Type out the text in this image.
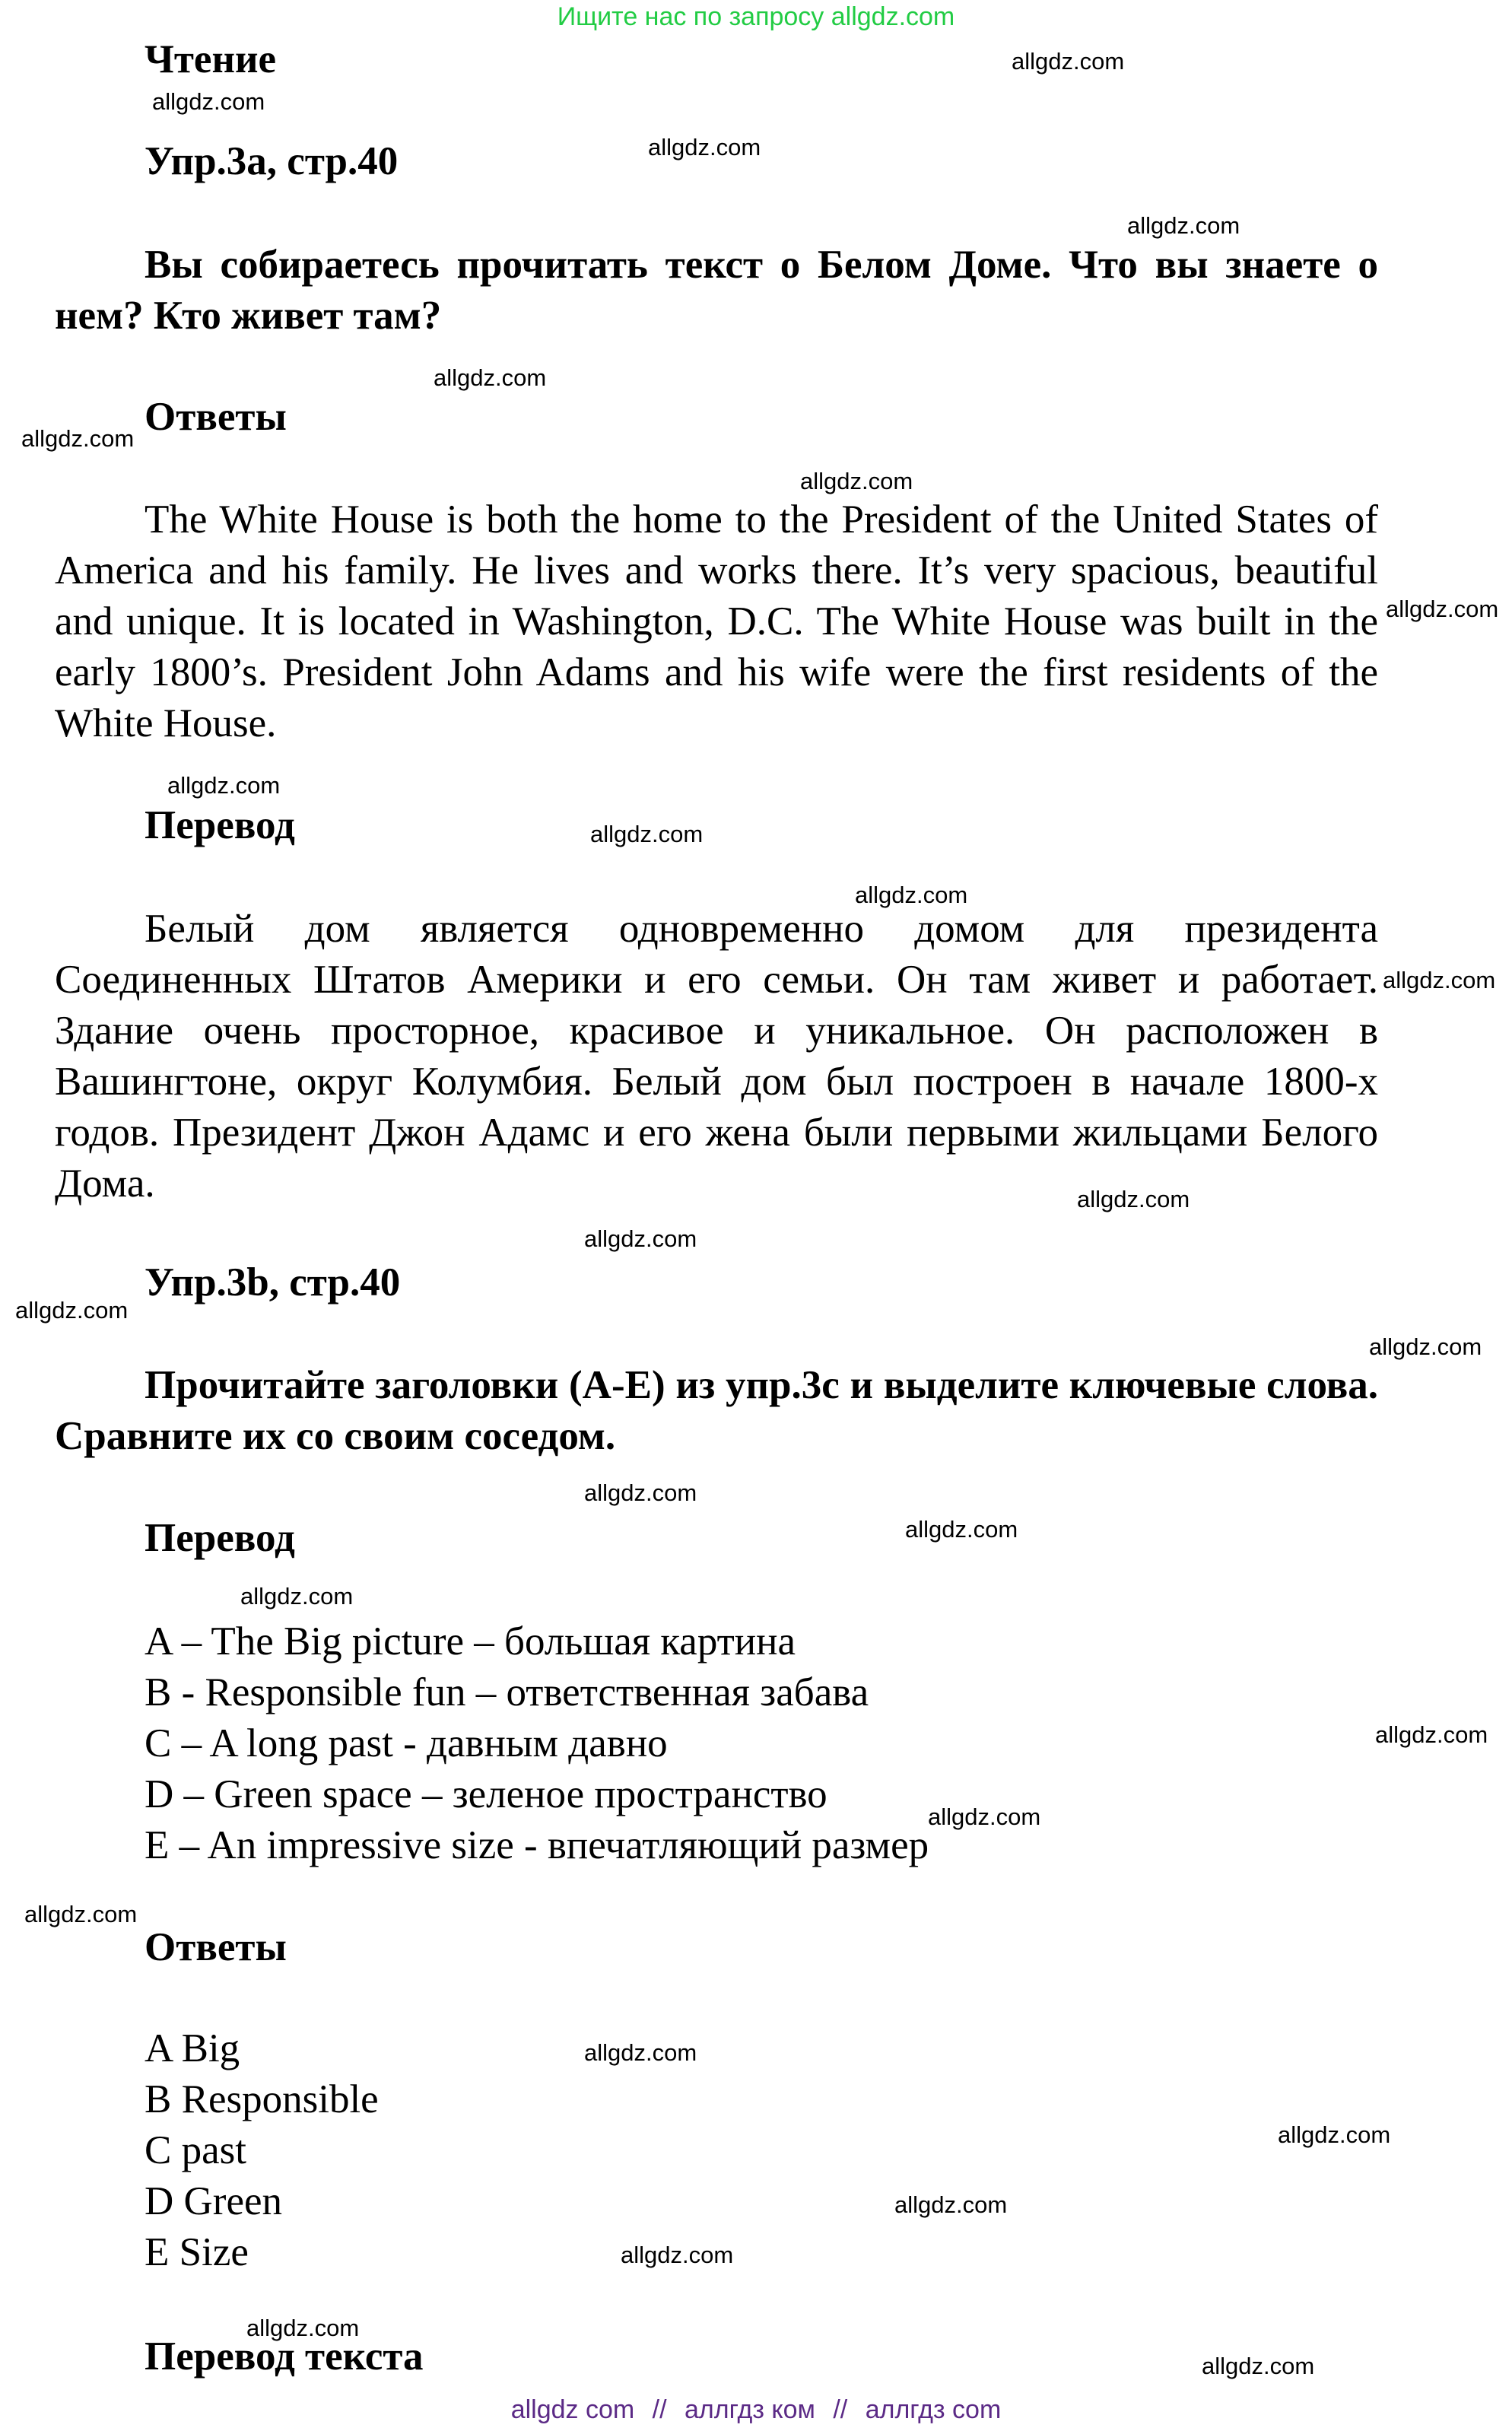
Ищите нас по запросу allgdz.com
Чтение
Упр.3a, стр.40
Вы собираетесь прочитать текст о Белом Доме. Что вы знаете о нем? Кто живет там?
Ответы
The White House is both the home to the President of the United States of America and his family. He lives and works there. It’s very spacious, beautiful and unique. It is located in Washington, D.C. The White House was built in the early 1800’s. President John Adams and his wife were the first residents of the White House.
Перевод
Белый дом является одновременно домом для президента Соединенных Штатов Америки и его семьи. Он там живет и работает. Здание очень просторное, красивое и уникальное. Он расположен в Вашингтоне, округ Колумбия. Белый дом был построен в начале 1800-х годов. Президент Джон Адамс и его жена были первыми жильцами Белого Дома.
Упр.3b, стр.40
Прочитайте заголовки (A-E) из упр.3c и выделите ключевые слова. Сравните их со своим соседом.
Перевод
A – The Big picture – большая картина
B - Responsible fun – ответственная забава
C – A long past - давным давно
D – Green space – зеленое пространство
E – An impressive size - впечатляющий размер
Ответы
A Big
B Responsible
C past
D Green
E Size
Перевод текста
allgdz.com
allgdz.com
allgdz.com
allgdz.com
allgdz.com
allgdz.com
allgdz.com
allgdz.com
allgdz.com
allgdz.com
allgdz.com
allgdz.com
allgdz.com
allgdz.com
allgdz.com
allgdz.com
allgdz.com
allgdz.com
allgdz.com
allgdz.com
allgdz.com
allgdz.com
allgdz.com
allgdz.com
allgdz.com
allgdz.com
allgdz.com
allgdz.com
allgdz com // аллгдз ком // аллгдз com
